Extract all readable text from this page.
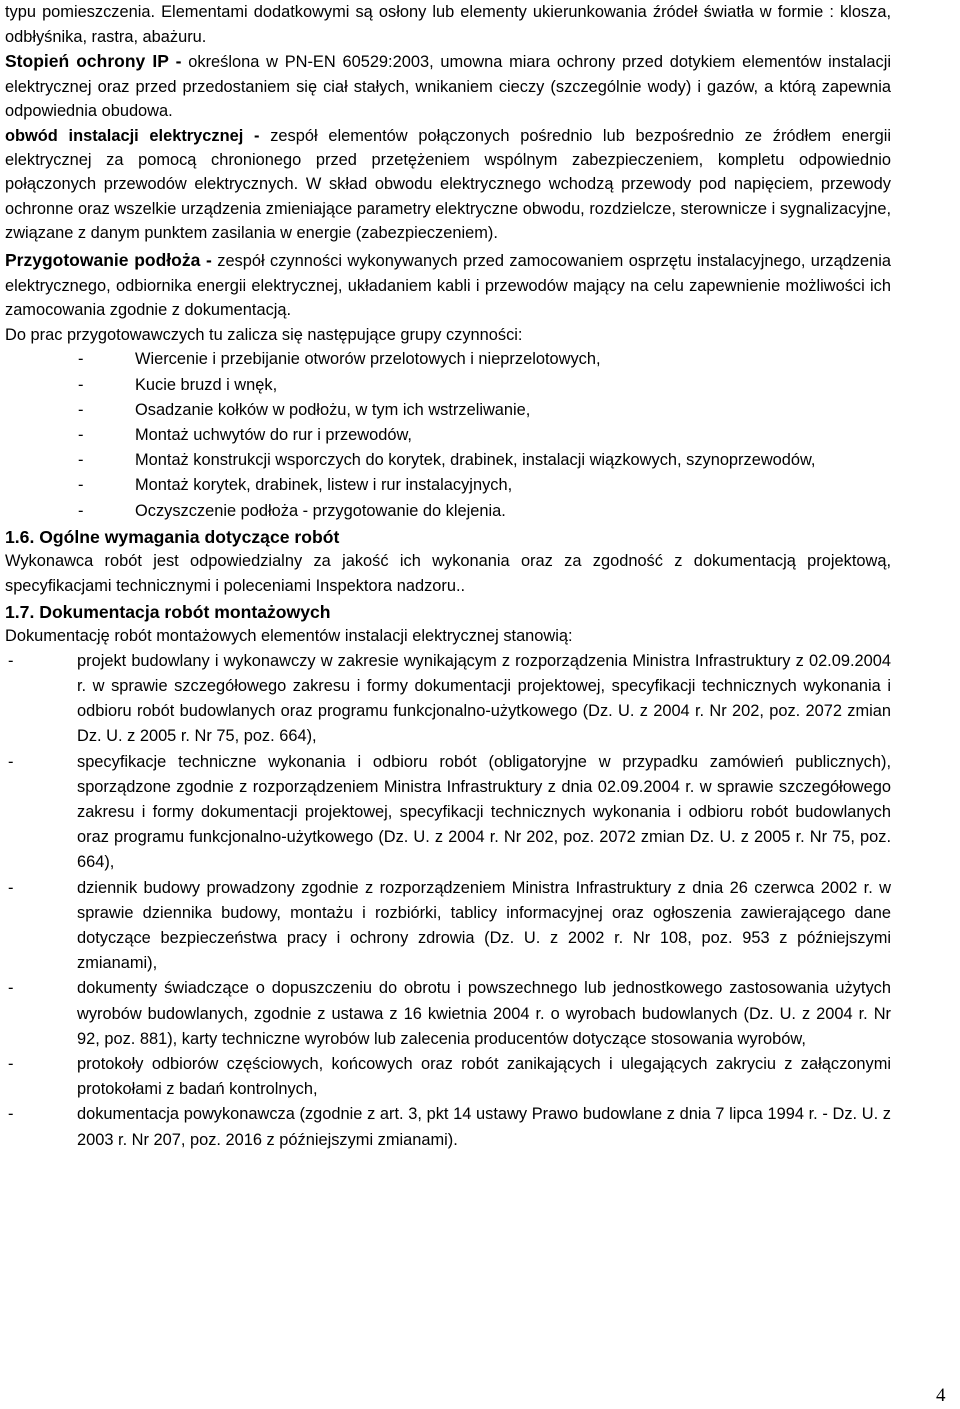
typu pomieszczenia. Elementami dodatkowymi są osłony lub elementy ukierunkowania źródeł światła w formie : klosza, odbłyśnika, rastra, abażuru.

Stopień ochrony IP - określona w PN-EN 60529:2003, umowna miara ochrony przed dotykiem elementów instalacji elektrycznej oraz przed przedostaniem się ciał stałych, wnikaniem cieczy (szczególnie wody) i gazów, a którą zapewnia odpowiednia obudowa.

obwód instalacji elektrycznej - zespół elementów połączonych pośrednio lub bezpośrednio ze źródłem energii elektrycznej za pomocą chronionego przed przetężeniem wspólnym zabezpieczeniem, kompletu odpowiednio połączonych przewodów elektrycznych. W skład obwodu elektrycznego wchodzą przewody pod napięciem, przewody ochronne oraz wszelkie urządzenia zmieniające parametry elektryczne obwodu, rozdzielcze, sterownicze i sygnalizacyjne, związane z danym punktem zasilania w energie (zabezpieczeniem).

Przygotowanie podłoża - zespół czynności wykonywanych przed zamocowaniem osprzętu instalacyjnego, urządzenia elektrycznego, odbiornika energii elektrycznej, układaniem kabli i przewodów mający na celu zapewnienie możliwości ich zamocowania zgodnie z dokumentacją.

Do prac przygotowawczych tu zalicza się następujące grupy czynności:

-	Wiercenie i przebijanie otworów przelotowych i nieprzelotowych,
-	Kucie bruzd i wnęk,
-	Osadzanie kołków w podłożu, w tym ich wstrzeliwanie,
-	Montaż uchwytów do rur i przewodów,
-	Montaż konstrukcji wsporczych do korytek, drabinek, instalacji wiązkowych, szynoprzewodów,
-	Montaż korytek, drabinek, listew i rur instalacyjnych,
-	Oczyszczenie podłoża - przygotowanie do klejenia.

1.6. Ogólne wymagania dotyczące robót

Wykonawca robót jest odpowiedzialny za jakość ich wykonania oraz za zgodność z dokumentacją projektową, specyfikacjami technicznymi i poleceniami Inspektora nadzoru..

1.7. Dokumentacja robót montażowych

Dokumentację robót montażowych elementów instalacji elektrycznej stanowią:

-	projekt budowlany i wykonawczy w zakresie wynikającym z rozporządzenia Ministra Infrastruktury z 02.09.2004 r. w sprawie szczegółowego zakresu i formy dokumentacji projektowej, specyfikacji technicznych wykonania i odbioru robót budowlanych oraz programu funkcjonalno-użytkowego (Dz. U. z 2004 r. Nr 202, poz. 2072 zmian Dz. U. z 2005 r. Nr 75, poz. 664),
-	specyfikacje techniczne wykonania i odbioru robót (obligatoryjne w przypadku zamówień publicznych), sporządzone zgodnie z rozporządzeniem Ministra Infrastruktury z dnia 02.09.2004 r. w sprawie szczegółowego zakresu i formy dokumentacji projektowej, specyfikacji technicznych wykonania i odbioru robót budowlanych oraz programu funkcjonalno-użytkowego (Dz. U. z 2004 r. Nr 202, poz. 2072 zmian Dz. U. z 2005 r. Nr 75, poz. 664),
-	dziennik budowy prowadzony zgodnie z rozporządzeniem Ministra Infrastruktury z dnia 26 czerwca 2002 r. w sprawie dziennika budowy, montażu i rozbiórki, tablicy informacyjnej oraz ogłoszenia zawierającego dane dotyczące bezpieczeństwa pracy i ochrony zdrowia (Dz. U. z 2002 r. Nr 108, poz. 953 z późniejszymi zmianami),
-	dokumenty świadczące o dopuszczeniu do obrotu i powszechnego lub jednostkowego zastosowania użytych wyrobów budowlanych, zgodnie z ustawa z 16 kwietnia 2004 r. o wyrobach budowlanych (Dz. U. z 2004 r. Nr 92, poz. 881), karty techniczne wyrobów lub zalecenia producentów dotyczące stosowania wyrobów,
-	protokoły odbiorów częściowych, końcowych oraz robót zanikających i ulegających zakryciu z załączonymi protokołami z badań kontrolnych,
-	dokumentacja powykonawcza (zgodnie z art. 3, pkt 14 ustawy Prawo budowlane z dnia 7 lipca 1994 r. - Dz. U. z 2003 r. Nr 207, poz. 2016 z późniejszymi zmianami).
4
